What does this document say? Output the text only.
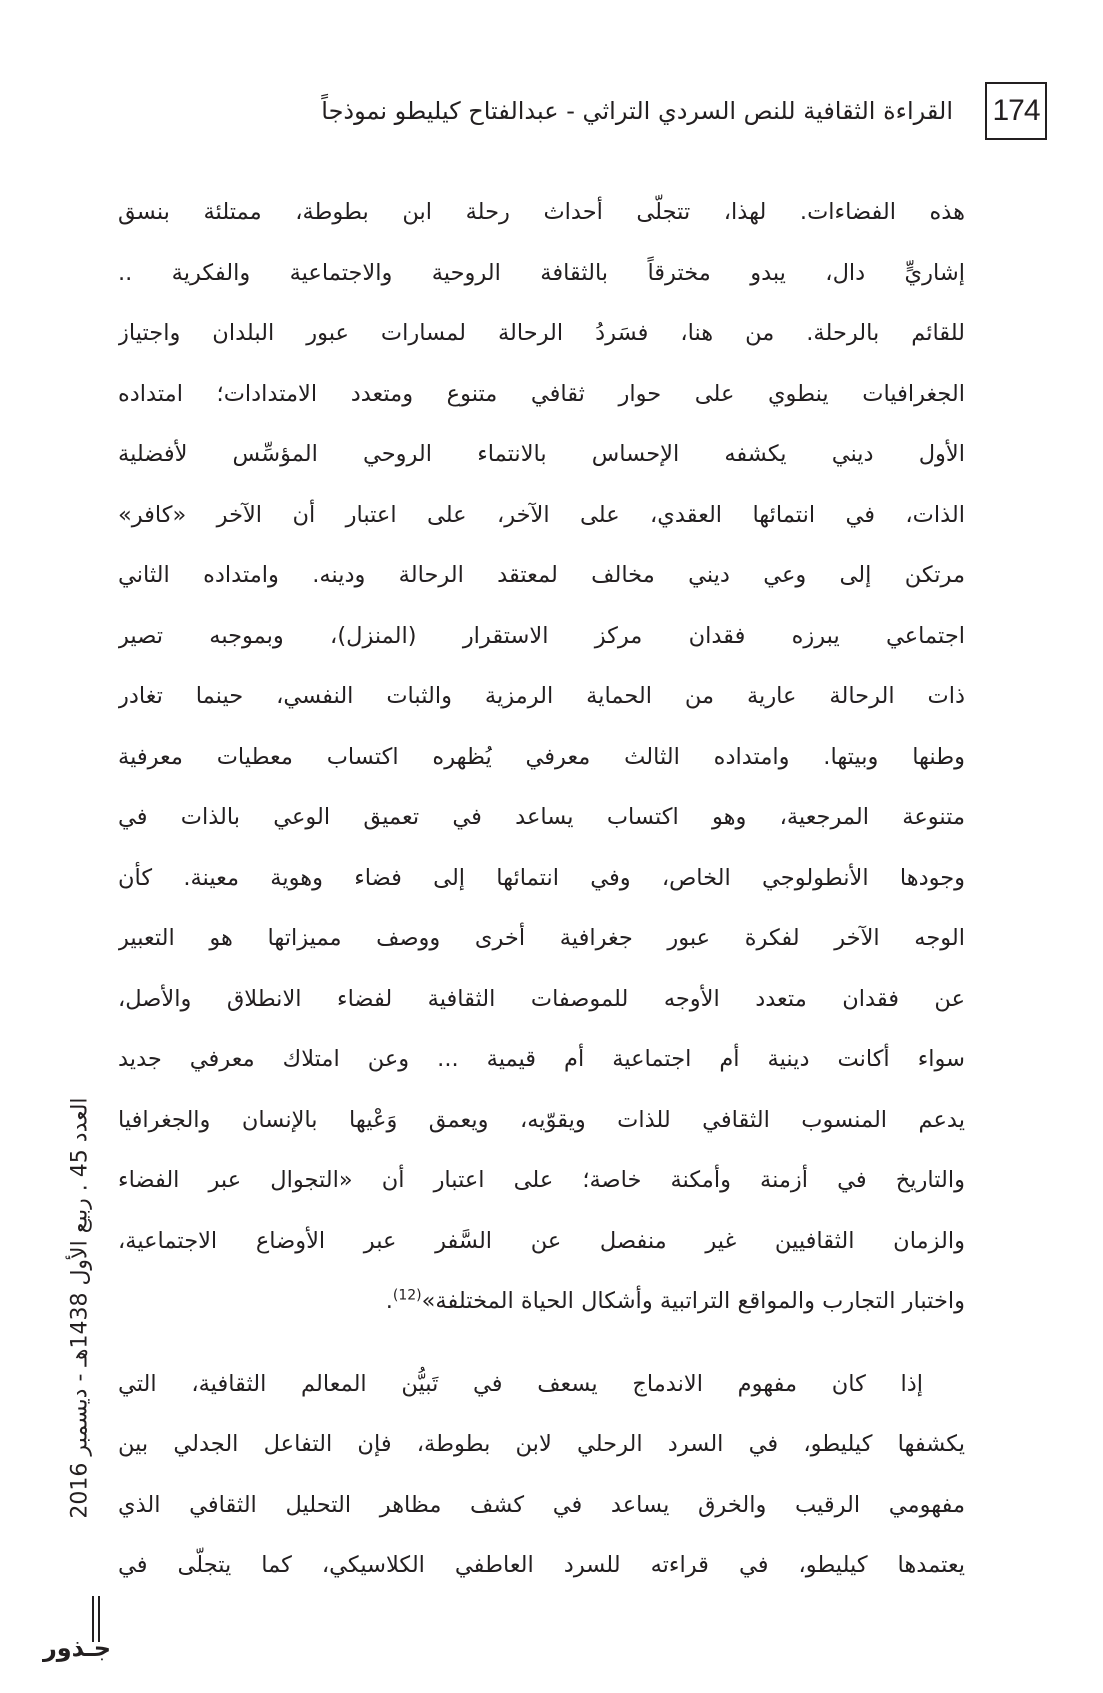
174
القراءة الثقافية للنص السردي التراثي - عبدالفتاح كيليطو نموذجاً
هذه الفضاءات. لهذا، تتجلّى أحداث رحلة ابن بطوطة، ممتلئة بنسق
إشاريٍّ دال، يبدو مخترقاً بالثقافة الروحية والاجتماعية والفكرية ..
للقائم بالرحلة. من هنا، فسَردُ الرحالة لمسارات عبور البلدان واجتياز
الجغرافيات ينطوي على حوار ثقافي متنوع ومتعدد الامتدادات؛ امتداده
الأول ديني يكشفه الإحساس بالانتماء الروحي المؤسِّس لأفضلية
الذات، في انتمائها العقدي، على الآخر، على اعتبار أن الآخر «كافر»
مرتكن إلى وعي ديني مخالف لمعتقد الرحالة ودينه. وامتداده الثاني
اجتماعي يبرزه فقدان مركز الاستقرار (المنزل)، وبموجبه تصير
ذات الرحالة عارية من الحماية الرمزية والثبات النفسي، حينما تغادر
وطنها وبيتها. وامتداده الثالث معرفي يُظهره اكتساب معطيات معرفية
متنوعة المرجعية، وهو اكتساب يساعد في تعميق الوعي بالذات في
وجودها الأنطولوجي الخاص، وفي انتمائها إلى فضاء وهوية معينة. كأن
الوجه الآخر لفكرة عبور جغرافية أخرى ووصف مميزاتها هو التعبير
عن فقدان متعدد الأوجه للموصفات الثقافية لفضاء الانطلاق والأصل،
سواء أكانت دينية أم اجتماعية أم قيمية ... وعن امتلاك معرفي جديد
يدعم المنسوب الثقافي للذات ويقوّيه، ويعمق وَعْيها بالإنسان والجغرافيا
والتاريخ في أزمنة وأمكنة خاصة؛ على اعتبار أن «التجوال عبر الفضاء
والزمان الثقافيين غير منفصل عن السَّفر عبر الأوضاع الاجتماعية،
واختبار التجارب والمواقع التراتبية وأشكال الحياة المختلفة»$^{(12)}$.
إذا كان مفهوم الاندماج يسعف في تَبيُّن المعالم الثقافية، التي
يكشفها كيليطو، في السرد الرحلي لابن بطوطة، فإن التفاعل الجدلي بين
مفهومي الرقيب والخرق يساعد في كشف مظاهر التحليل الثقافي الذي
يعتمدها كيليطو، في قراءته للسرد العاطفي الكلاسيكي، كما يتجلّى في
العدد 45 . ربيع الأول 1438هـ - ديسمبر 2016
جـذور
